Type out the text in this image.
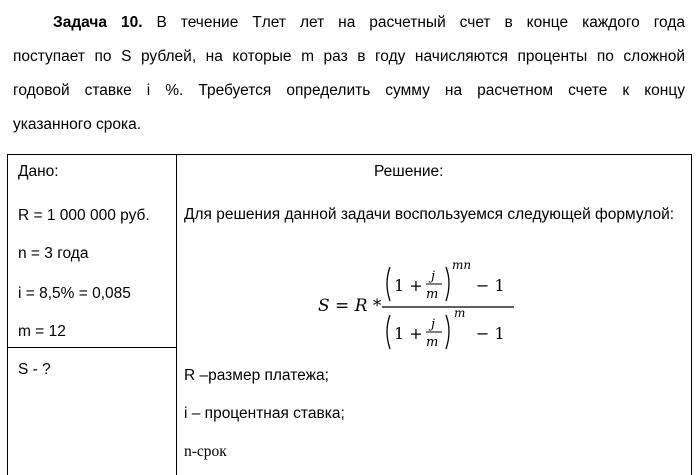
Задача 10. В течение Tлет лет на расчетный счет в конце каждого года
поступает по S рублей, на которые m раз в году начисляются проценты по сложной
годовой ставке i %. Требуется определить сумму на расчетном счете к концу
указанного срока.
Дано:	Решение:
R = 1 000 000 руб.
n = 3 года
i = 8,5% = 0,085
m = 12
S - ?
Для решения данной задачи воспользуемся следующей формулой:
S = R *
1 + j
m
mn
− 1
1 + j
m
m
− 1
R –размер платежа;
i – процентная ставка;
n-срок
